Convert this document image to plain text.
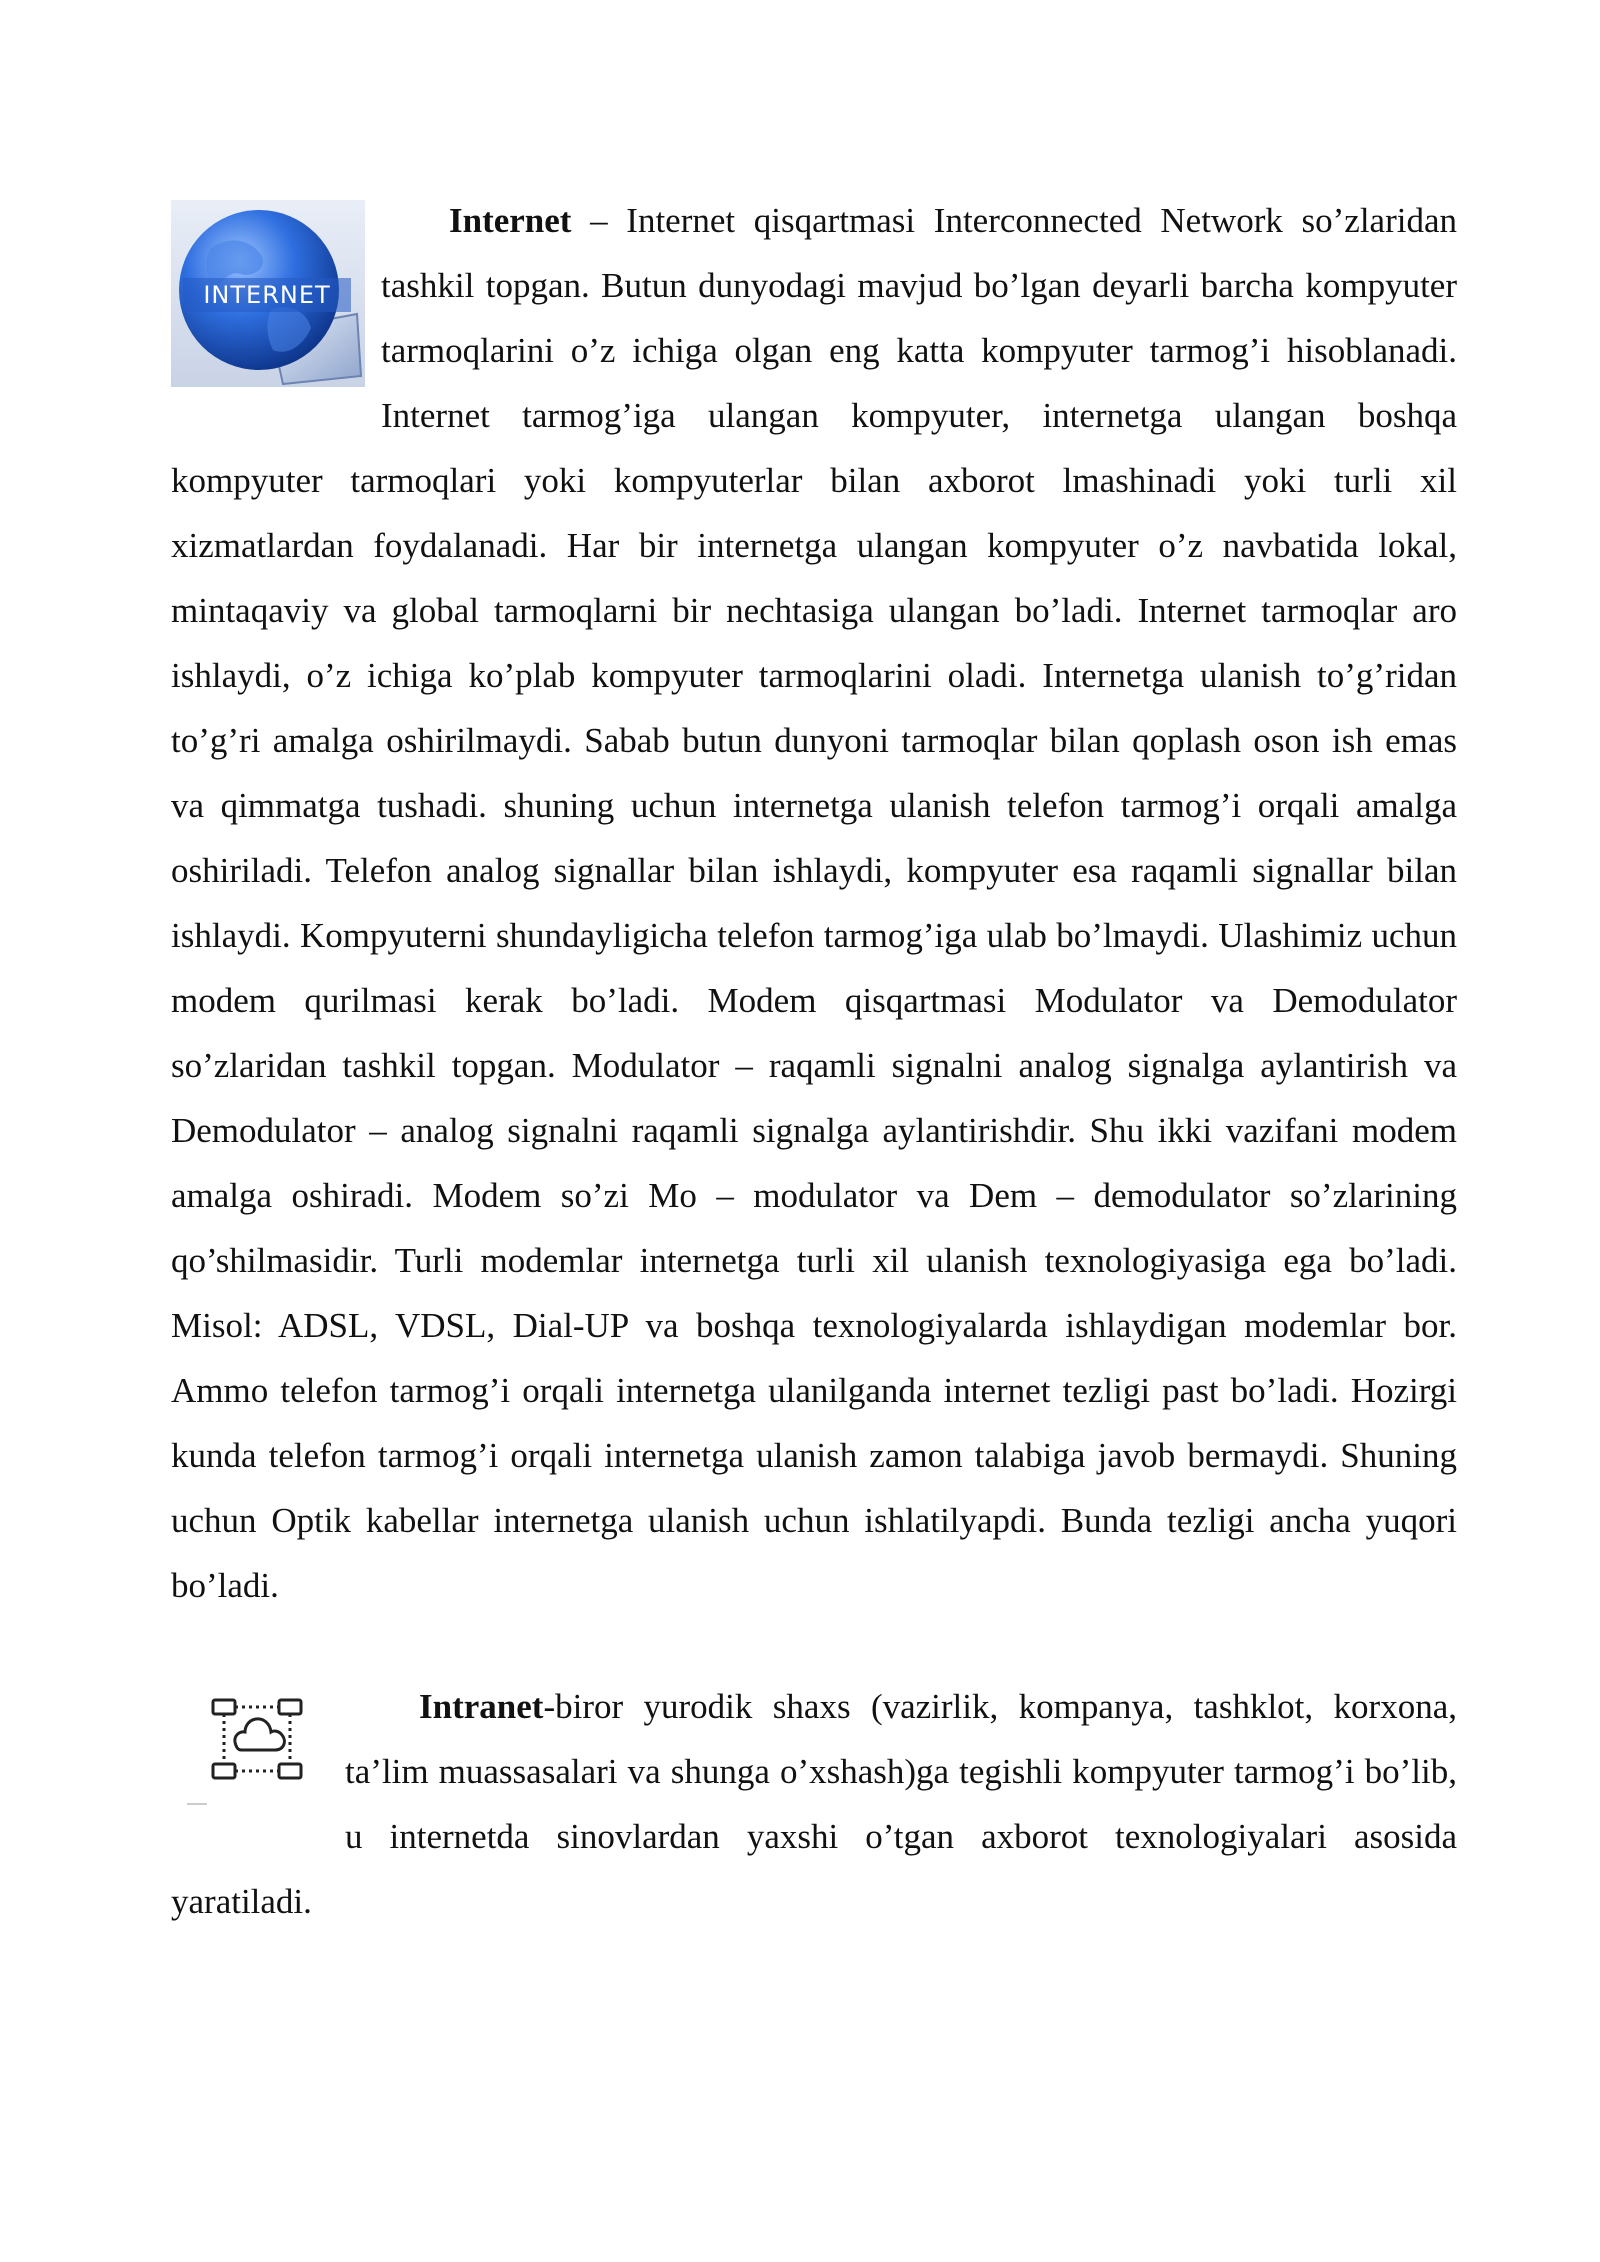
INTERNET
Internet – Internet qisqartmasi Interconnected Network so’zlaridan tashkil topgan. Butun dunyodagi mavjud bo’lgan deyarli barcha kompyuter tarmoqlarini o’z ichiga olgan eng katta kompyuter tarmog’i hisoblanadi. Internet tarmog’iga ulangan kompyuter, internetga ulangan boshqa kompyuter tarmoqlari yoki kompyuterlar bilan axborot lmashinadi yoki turli xil xizmatlardan foydalanadi. Har bir internetga ulangan kompyuter o’z navbatida lokal, mintaqaviy va global tarmoqlarni bir nechtasiga ulangan bo’ladi. Internet tarmoqlar aro ishlaydi, o’z ichiga ko’plab kompyuter tarmoqlarini oladi. Internetga ulanish to’g’ridan to’g’ri amalga oshirilmaydi. Sabab butun dunyoni tarmoqlar bilan qoplash oson ish emas va qimmatga tushadi. shuning uchun internetga ulanish telefon tarmog’i orqali amalga oshiriladi. Telefon analog signallar bilan ishlaydi, kompyuter esa raqamli signallar bilan ishlaydi. Kompyuterni shundayligicha telefon tarmog’iga ulab bo’lmaydi. Ulashimiz uchun modem qurilmasi kerak bo’ladi. Modem qisqartmasi Modulator va Demodulator so’zlaridan tashkil topgan. Modulator – raqamli signalni analog signalga aylantirish va Demodulator – analog signalni raqamli signalga aylantirishdir. Shu ikki vazifani modem amalga oshiradi. Modem so’zi Mo – modulator va Dem – demodulator so’zlarining qo’shilmasidir. Turli modemlar internetga turli xil ulanish texnologiyasiga ega bo’ladi. Misol: ADSL, VDSL, Dial-UP va boshqa texnologiyalarda ishlaydigan modemlar bor. Ammo telefon tarmog’i orqali internetga ulanilganda internet tezligi past bo’ladi. Hozirgi kunda telefon tarmog’i orqali internetga ulanish zamon talabiga javob bermaydi. Shuning uchun Optik kabellar internetga ulanish uchun ishlatilyapdi. Bunda tezligi ancha yuqori bo’ladi.

Intranet-biror yurodik shaxs (vazirlik, kompanya, tashklot, korxona, ta’lim muassasalari va shunga o’xshash)ga tegishli kompyuter tarmog’i bo’lib, u internetda sinovlardan yaxshi o’tgan axborot texnologiyalari asosida yaratiladi.
